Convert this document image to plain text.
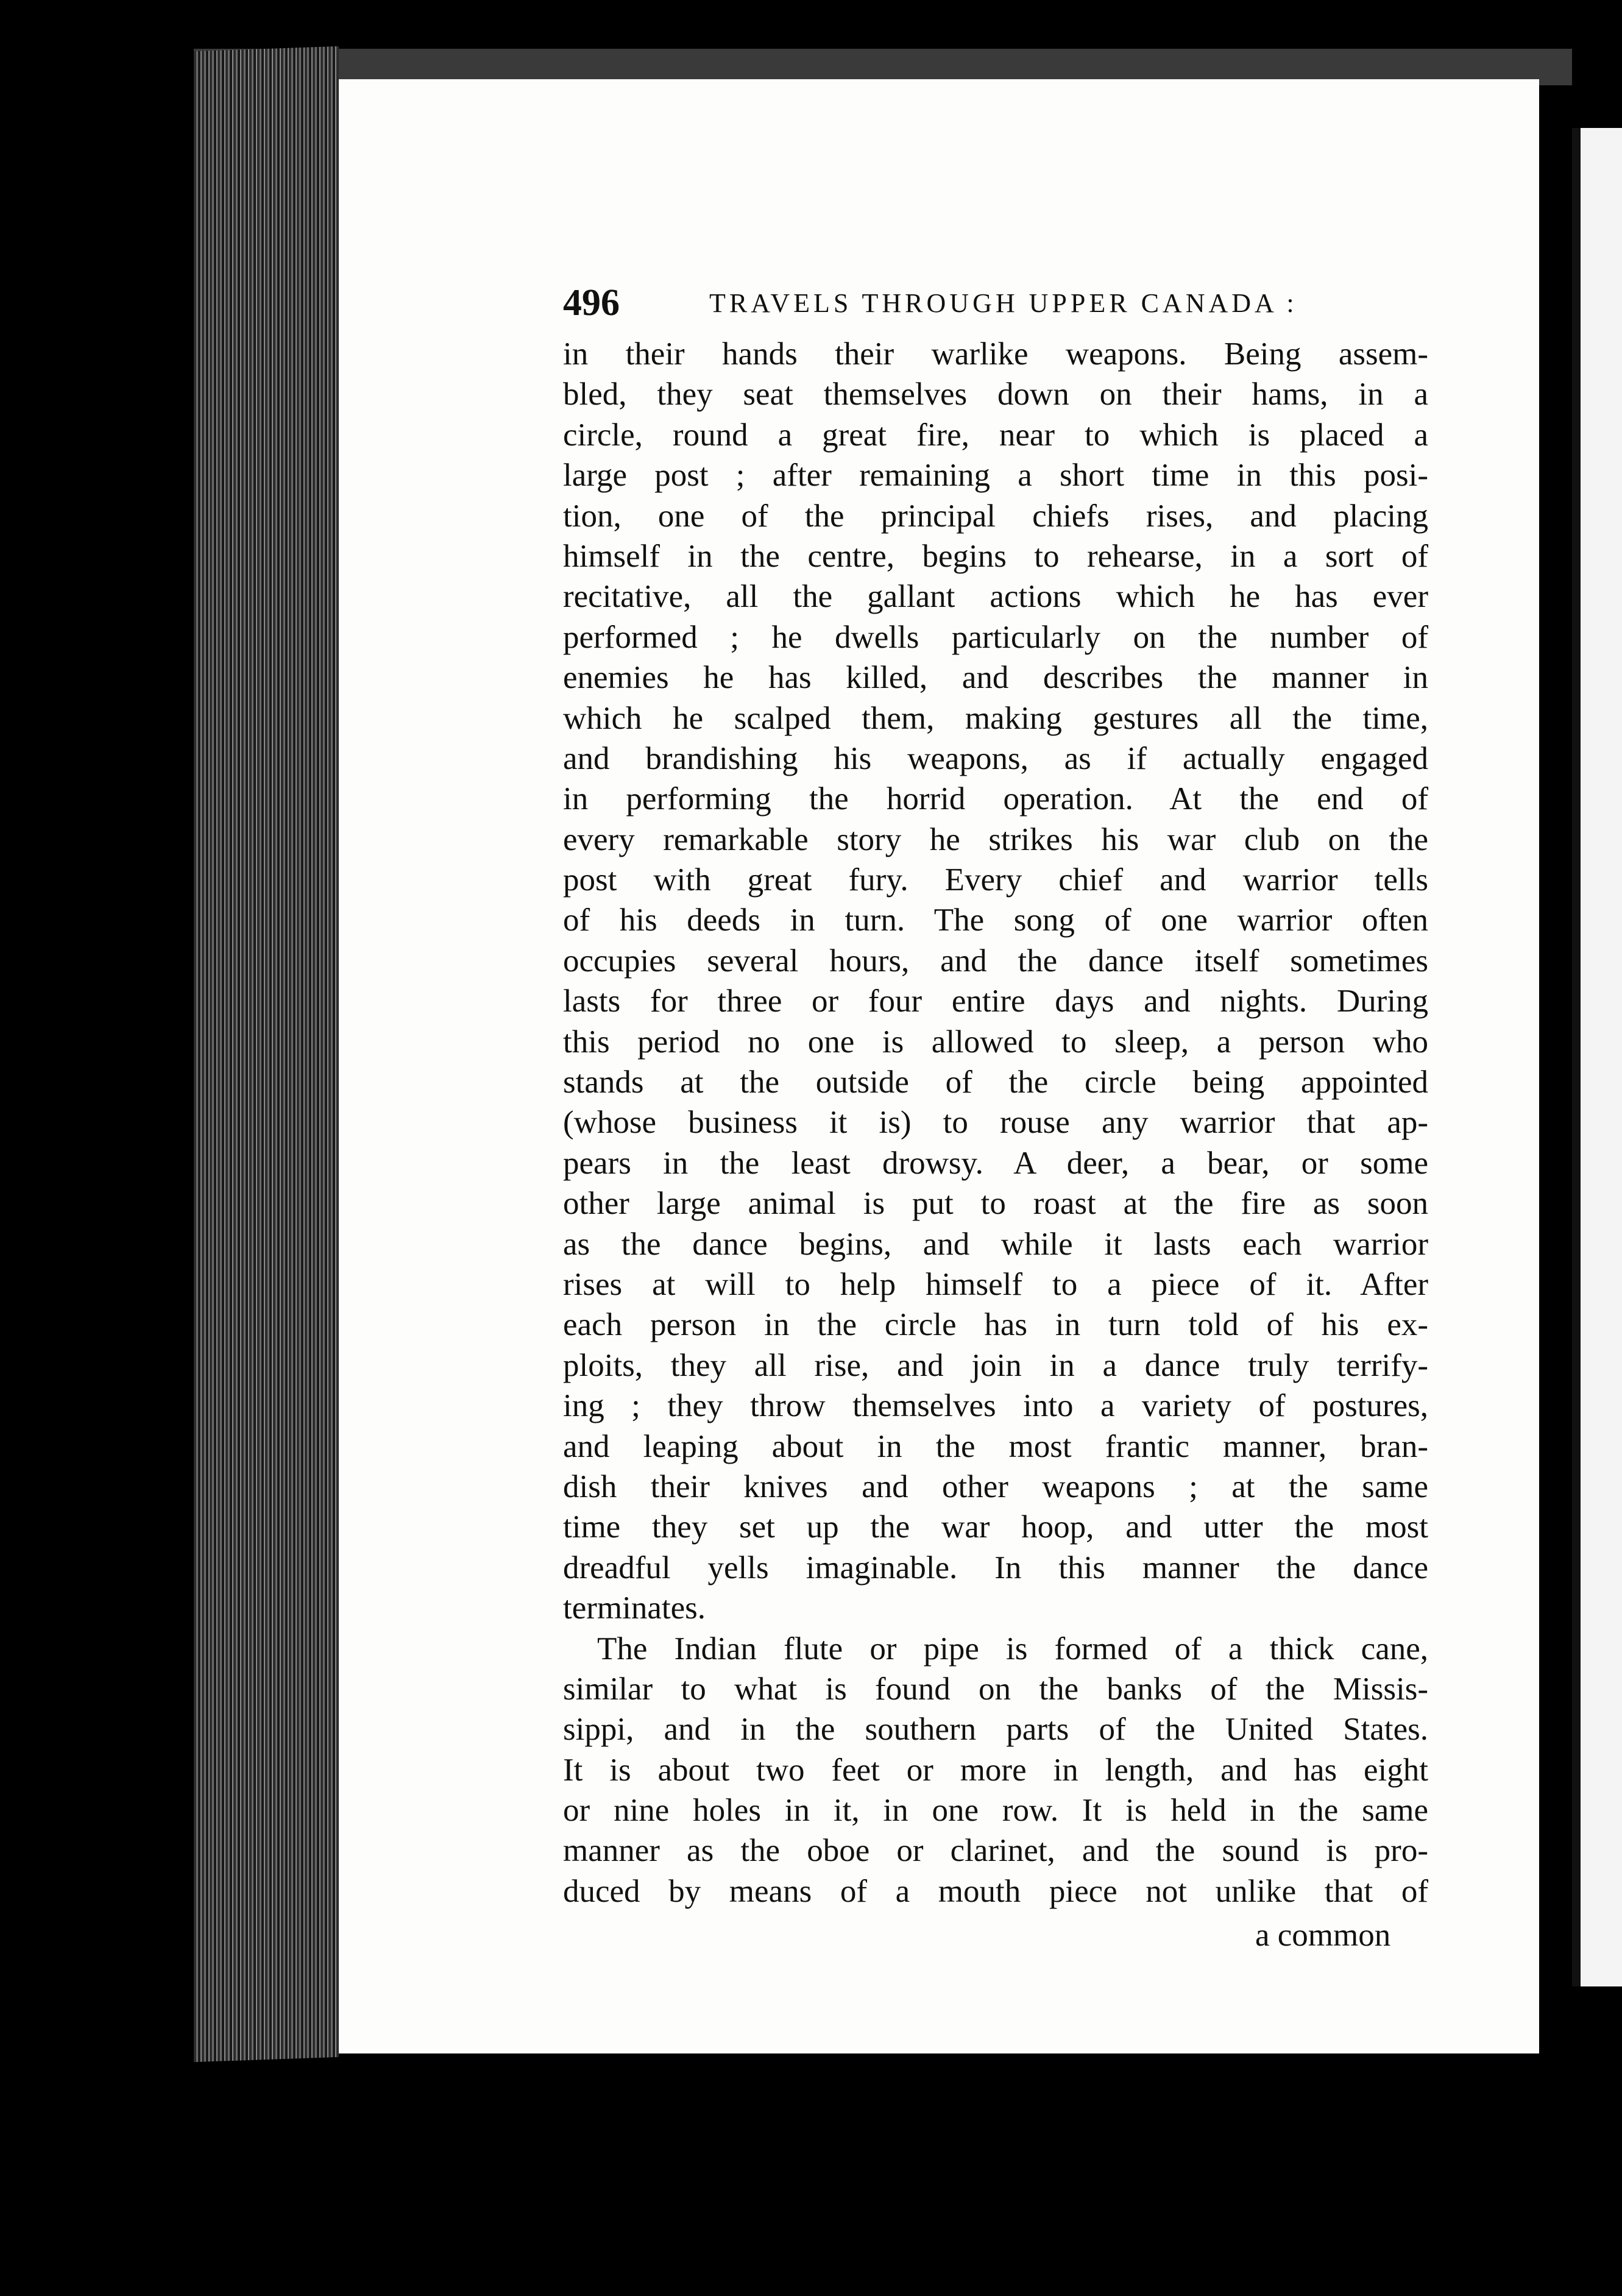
496	TRAVELS THROUGH UPPER CANADA :
in their hands their warlike weapons. Being assem-
bled, they seat themselves down on their hams, in a
circle, round a great fire, near to which is placed a
large post ; after remaining a short time in this posi-
tion, one of the principal chiefs rises, and placing
himself in the centre, begins to rehearse, in a sort of
recitative, all the gallant actions which he has ever
performed ; he dwells particularly on the number of
enemies he has killed, and describes the manner in
which he scalped them, making gestures all the time,
and brandishing his weapons, as if actually engaged
in performing the horrid operation. At the end of
every remarkable story he strikes his war club on the
post with great fury. Every chief and warrior tells
of his deeds in turn. The song of one warrior often
occupies several hours, and the dance itself sometimes
lasts for three or four entire days and nights. During
this period no one is allowed to sleep, a person who
stands at the outside of the circle being appointed
(whose business it is) to rouse any warrior that ap-
pears in the least drowsy. A deer, a bear, or some
other large animal is put to roast at the fire as soon
as the dance begins, and while it lasts each warrior
rises at will to help himself to a piece of it. After
each person in the circle has in turn told of his ex-
ploits, they all rise, and join in a dance truly terrify-
ing ; they throw themselves into a variety of postures,
and leaping about in the most frantic manner, bran-
dish their knives and other weapons ; at the same
time they set up the war hoop, and utter the most
dreadful yells imaginable. In this manner the dance
terminates.
The Indian flute or pipe is formed of a thick cane,
similar to what is found on the banks of the Missis-
sippi, and in the southern parts of the United States.
It is about two feet or more in length, and has eight
or nine holes in it, in one row. It is held in the same
manner as the oboe or clarinet, and the sound is pro-
duced by means of a mouth piece not unlike that of
a common
